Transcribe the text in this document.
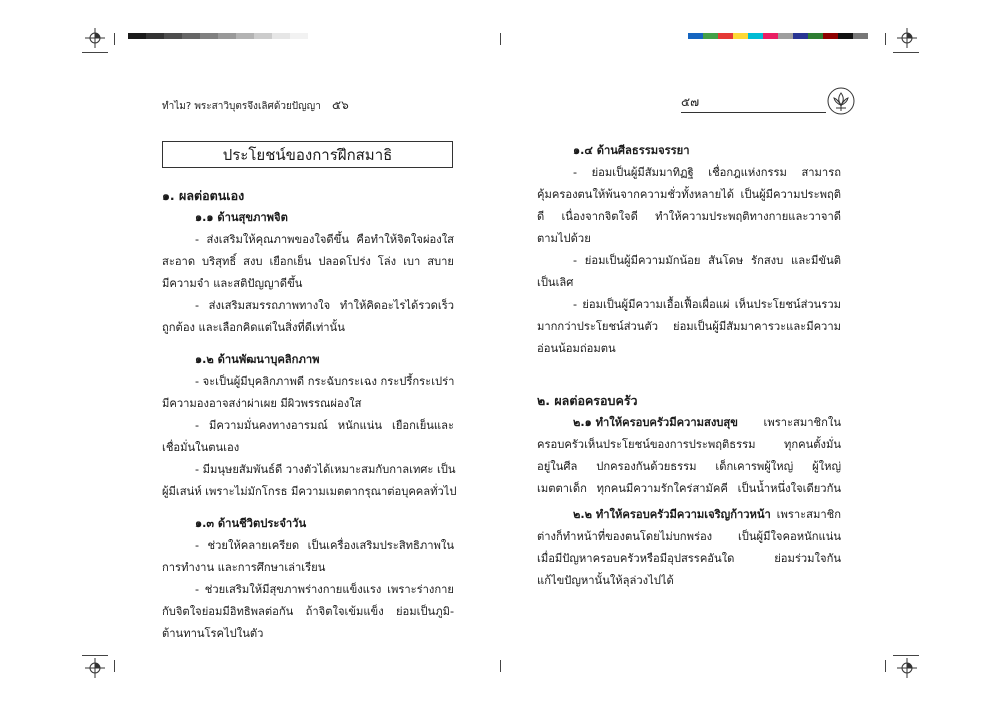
ทำไม? พระสาวิบุตรจึงเลิศด้วยปัญญา ๕๖
ประโยชน์ของการฝึกสมาธิ
๑. ผลต่อตนเอง
๑.๑ ด้านสุขภาพจิต
- ส่งเสริมให้คุณภาพของใจดีขึ้น คือทำให้จิตใจผ่องใส
สะอาด บริสุทธิ์ สงบ เยือกเย็น ปลอดโปร่ง โล่ง เบา สบาย
มีความจำ และสติปัญญาดีขึ้น
- ส่งเสริมสมรรถภาพทางใจ ทำให้คิดอะไรได้รวดเร็ว
ถูกต้อง และเลือกคิดแต่ในสิ่งที่ดีเท่านั้น
๑.๒ ด้านพัฒนาบุคลิกภาพ
- จะเป็นผู้มีบุคลิกภาพดี กระฉับกระเฉง กระปรี้กระเปร่า
มีความองอาจสง่าผ่าเผย มีผิวพรรณผ่องใส
- มีความมั่นคงทางอารมณ์ หนักแน่น เยือกเย็นและ
เชื่อมั่นในตนเอง
- มีมนุษยสัมพันธ์ดี วางตัวได้เหมาะสมกับกาลเทศะ เป็น
ผู้มีเสน่ห์ เพราะไม่มักโกรธ มีความเมตตากรุณาต่อบุคคลทั่วไป
๑.๓ ด้านชีวิตประจำวัน
- ช่วยให้คลายเครียด เป็นเครื่องเสริมประสิทธิภาพใน
การทำงาน และการศึกษาเล่าเรียน
- ช่วยเสริมให้มีสุขภาพร่างกายแข็งแรง เพราะร่างกาย
กับจิตใจย่อมมีอิทธิพลต่อกัน ถ้าจิตใจเข้มแข็ง ย่อมเป็นภูมิ-
ต้านทานโรคไปในตัว
๕๗
๑.๔ ด้านศีลธรรมจรรยา
- ย่อมเป็นผู้มีสัมมาทิฏฐิ เชื่อกฎแห่งกรรม สามารถ
คุ้มครองตนให้พ้นจากความชั่วทั้งหลายได้ เป็นผู้มีความประพฤติ
ดี เนื่องจากจิตใจดี ทำให้ความประพฤติทางกายและวาจาดี
ตามไปด้วย
- ย่อมเป็นผู้มีความมักน้อย สันโดษ รักสงบ และมีขันติ
เป็นเลิศ
- ย่อมเป็นผู้มีความเอื้อเฟื้อเผื่อแผ่ เห็นประโยชน์ส่วนรวม
มากกว่าประโยชน์ส่วนตัว ย่อมเป็นผู้มีสัมมาคารวะและมีความ
อ่อนน้อมถ่อมตน
๒. ผลต่อครอบครัว
๒.๑ ทำให้ครอบครัวมีความสงบสุข เพราะสมาชิกใน
ครอบครัวเห็นประโยชน์ของการประพฤติธรรม ทุกคนตั้งมั่น
อยู่ในศีล ปกครองกันด้วยธรรม เด็กเคารพผู้ใหญ่ ผู้ใหญ่
เมตตาเด็ก ทุกคนมีความรักใคร่สามัคคี เป็นน้ำหนึ่งใจเดียวกัน
๒.๒ ทำให้ครอบครัวมีความเจริญก้าวหน้า เพราะสมาชิก
ต่างก็ทำหน้าที่ของตนโดยไม่บกพร่อง เป็นผู้มีใจคอหนักแน่น
เมื่อมีปัญหาครอบครัวหรือมีอุปสรรคอันใด ย่อมร่วมใจกัน
แก้ไขปัญหานั้นให้ลุล่วงไปได้
